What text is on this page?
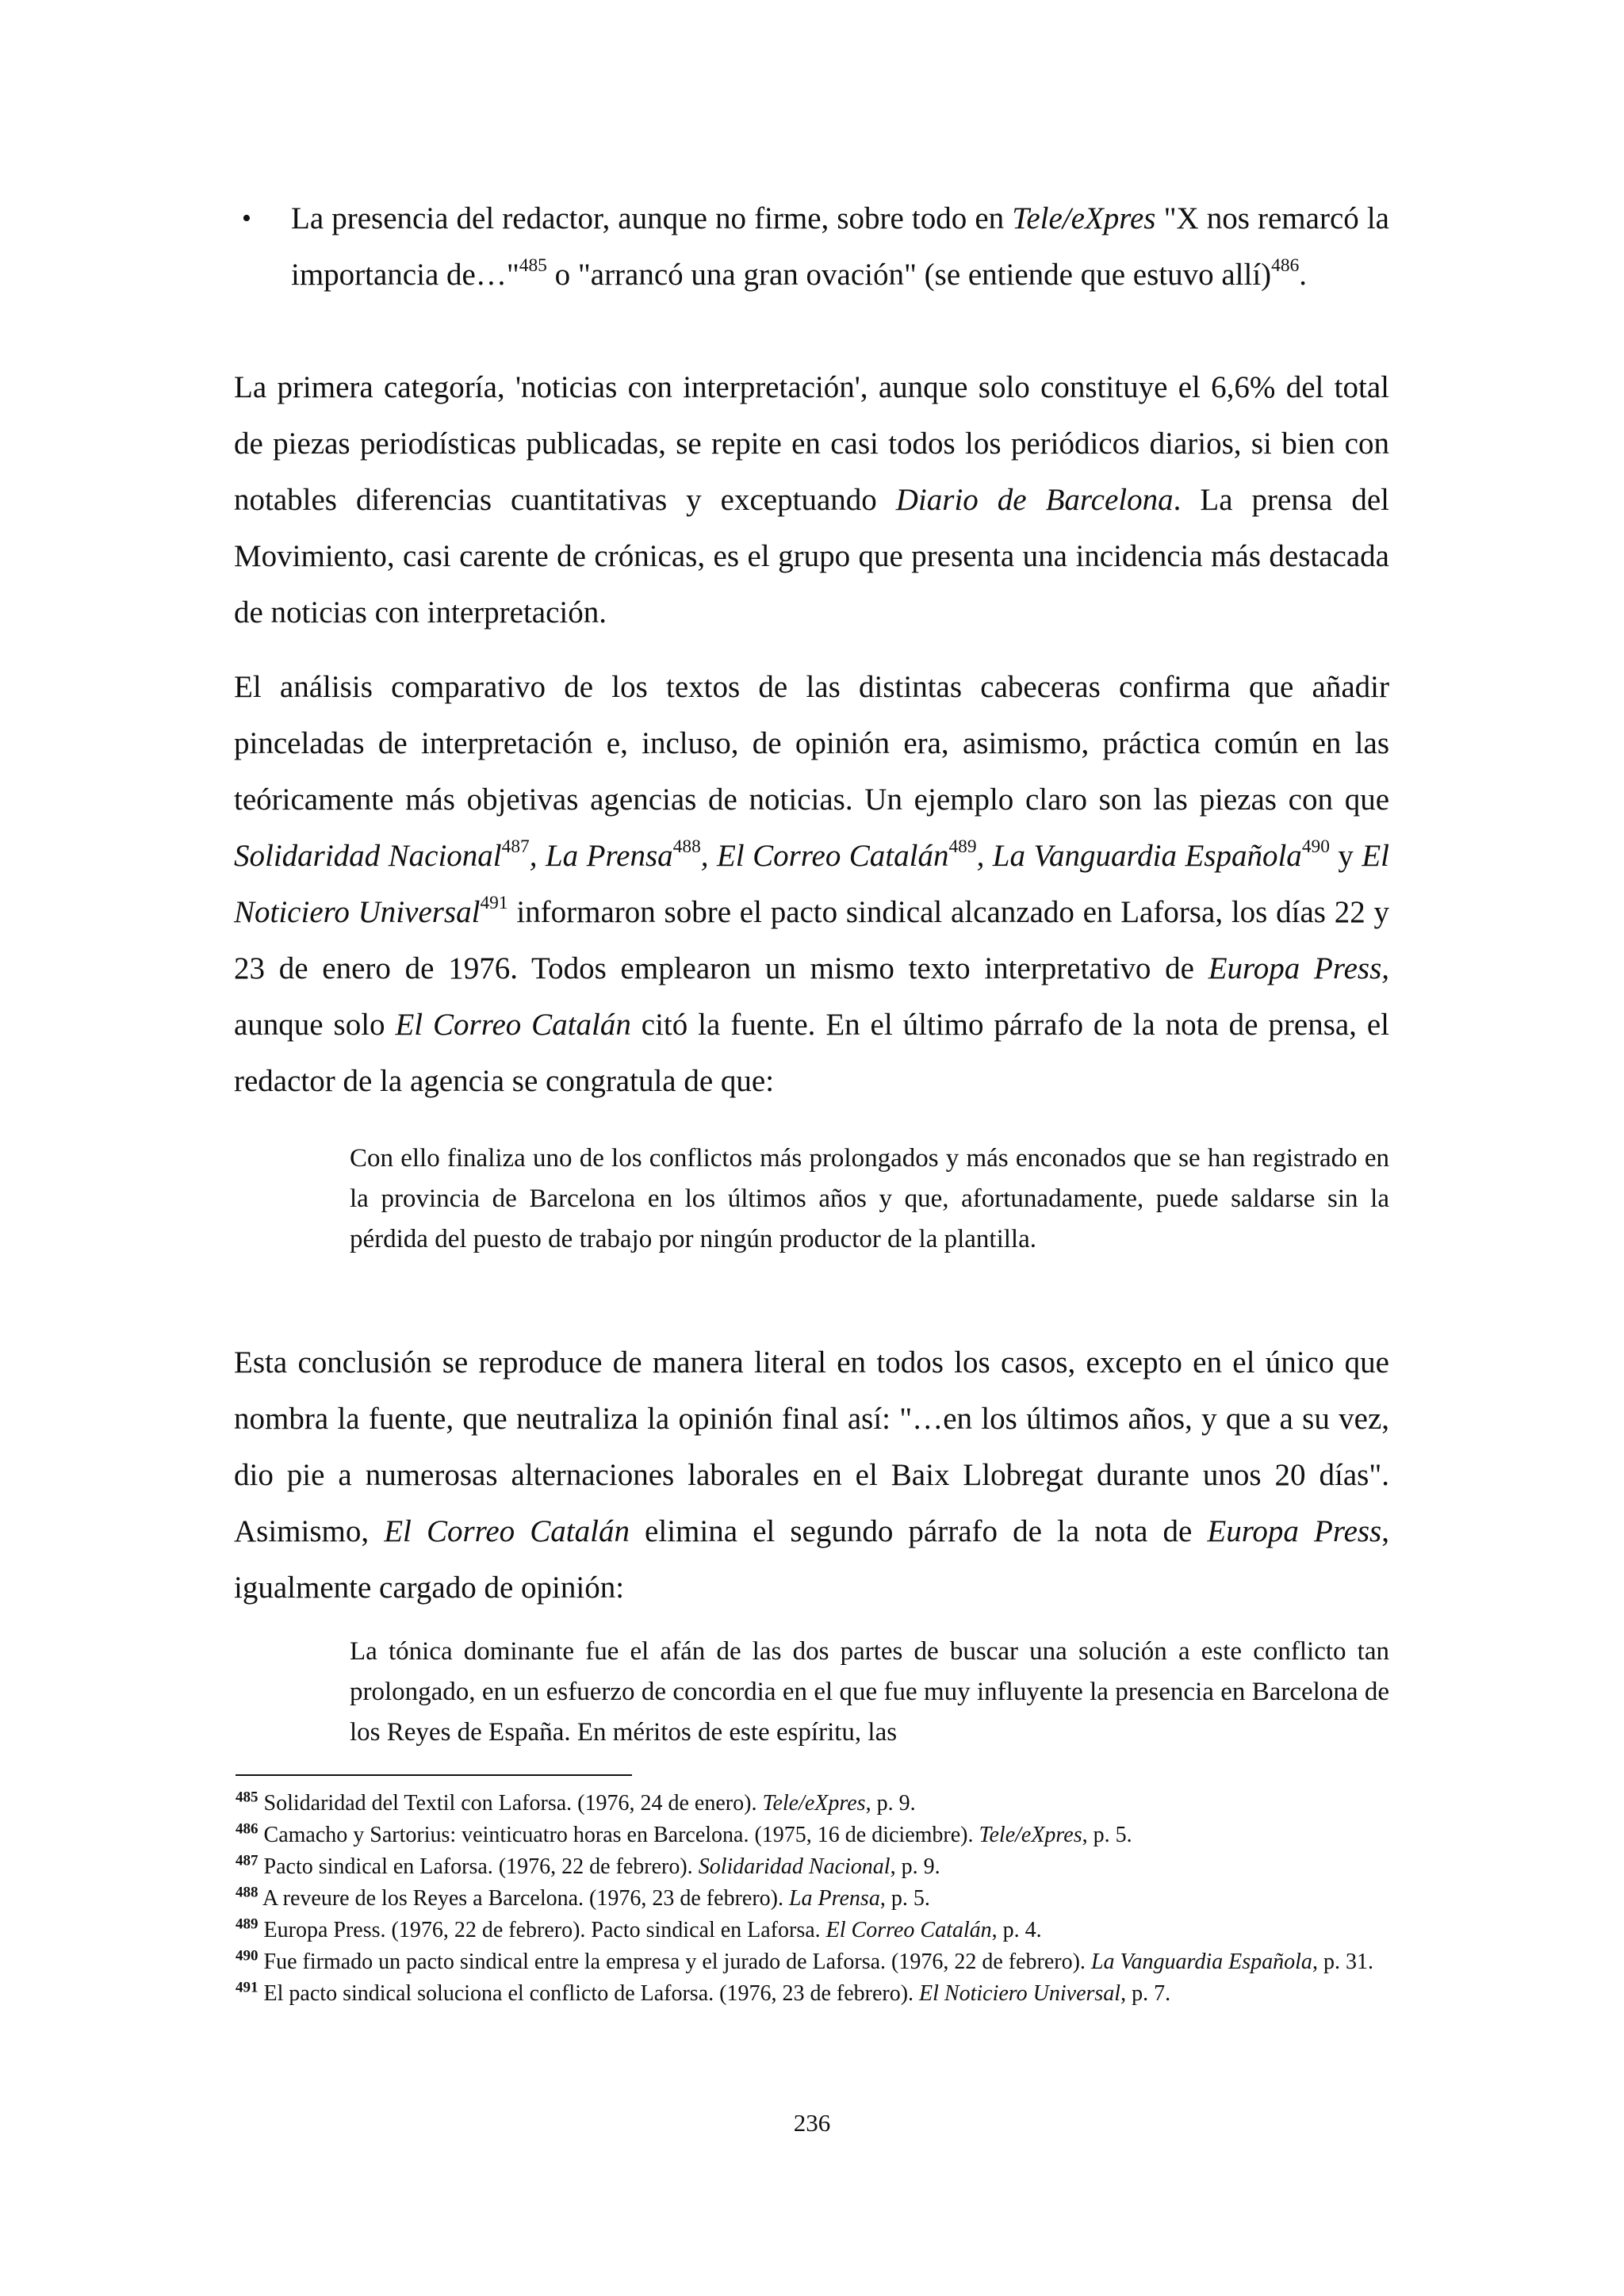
• La presencia del redactor, aunque no firme, sobre todo en Tele/eXpres "X nos remarcó la importancia de…"$^{485}$ o "arrancó una gran ovación" (se entiende que estuvo allí)$^{486}$.

La primera categoría, 'noticias con interpretación', aunque solo constituye el 6,6% del total de piezas periodísticas publicadas, se repite en casi todos los periódicos diarios, si bien con notables diferencias cuantitativas y exceptuando Diario de Barcelona. La prensa del Movimiento, casi carente de crónicas, es el grupo que presenta una incidencia más destacada de noticias con interpretación.

El análisis comparativo de los textos de las distintas cabeceras confirma que añadir pinceladas de interpretación e, incluso, de opinión era, asimismo, práctica común en las teóricamente más objetivas agencias de noticias. Un ejemplo claro son las piezas con que Solidaridad Nacional$^{487}$, La Prensa$^{488}$, El Correo Catalán$^{489}$, La Vanguardia Española$^{490}$ y El Noticiero Universal$^{491}$ informaron sobre el pacto sindical alcanzado en Laforsa, los días 22 y 23 de enero de 1976. Todos emplearon un mismo texto interpretativo de Europa Press, aunque solo El Correo Catalán citó la fuente. En el último párrafo de la nota de prensa, el redactor de la agencia se congratula de que:

Con ello finaliza uno de los conflictos más prolongados y más enconados que se han registrado en la provincia de Barcelona en los últimos años y que, afortunadamente, puede saldarse sin la pérdida del puesto de trabajo por ningún productor de la plantilla.

Esta conclusión se reproduce de manera literal en todos los casos, excepto en el único que nombra la fuente, que neutraliza la opinión final así: "…en los últimos años, y que a su vez, dio pie a numerosas alternaciones laborales en el Baix Llobregat durante unos 20 días". Asimismo, El Correo Catalán elimina el segundo párrafo de la nota de Europa Press, igualmente cargado de opinión:

La tónica dominante fue el afán de las dos partes de buscar una solución a este conflicto tan prolongado, en un esfuerzo de concordia en el que fue muy influyente la presencia en Barcelona de los Reyes de España. En méritos de este espíritu, las

$^{485}$ Solidaridad del Textil con Laforsa. (1976, 24 de enero). Tele/eXpres, p. 9.

$^{486}$ Camacho y Sartorius: veinticuatro horas en Barcelona. (1975, 16 de diciembre). Tele/eXpres, p. 5.

$^{487}$ Pacto sindical en Laforsa. (1976, 22 de febrero). Solidaridad Nacional, p. 9.

$^{488}$ A reveure de los Reyes a Barcelona. (1976, 23 de febrero). La Prensa, p. 5.

$^{489}$ Europa Press. (1976, 22 de febrero). Pacto sindical en Laforsa. El Correo Catalán, p. 4.

$^{490}$ Fue firmado un pacto sindical entre la empresa y el jurado de Laforsa. (1976, 22 de febrero). La Vanguardia Española, p. 31.

$^{491}$ El pacto sindical soluciona el conflicto de Laforsa. (1976, 23 de febrero). El Noticiero Universal, p. 7.

236
